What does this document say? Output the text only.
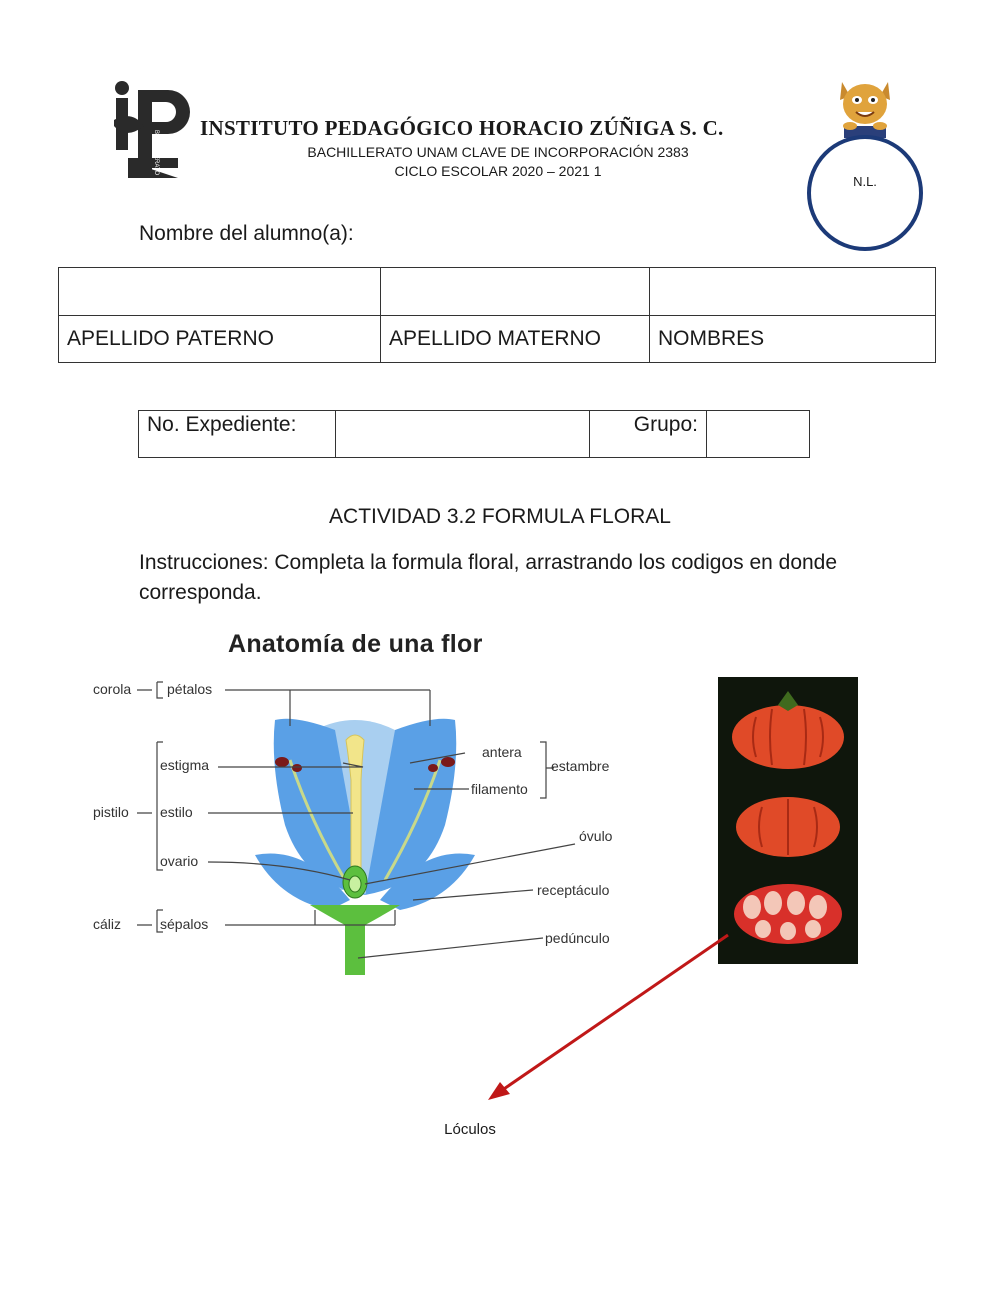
BACHILLERATO
INSTITUTO PEDAGÓGICO HORACIO ZÚÑIGA S. C.
BACHILLERATO UNAM CLAVE DE INCORPORACIÓN 2383
CICLO ESCOLAR 2020 – 2021 1
N.L.
Nombre del alumno(a):

APELLIDO PATERNO	APELLIDO MATERNO	NOMBRES
No. Expediente:		Grupo:	
ACTIVIDAD 3.2 FORMULA FLORAL
Instrucciones: Completa la formula floral, arrastrando los codigos en donde corresponda.
Anatomía de una flor
corola	pétalos
estigma
pistilo estilo
ovario
cáliz	sépalos
antera
filamento
estambre
óvulo
receptáculo
pedúnculo
Lóculos
